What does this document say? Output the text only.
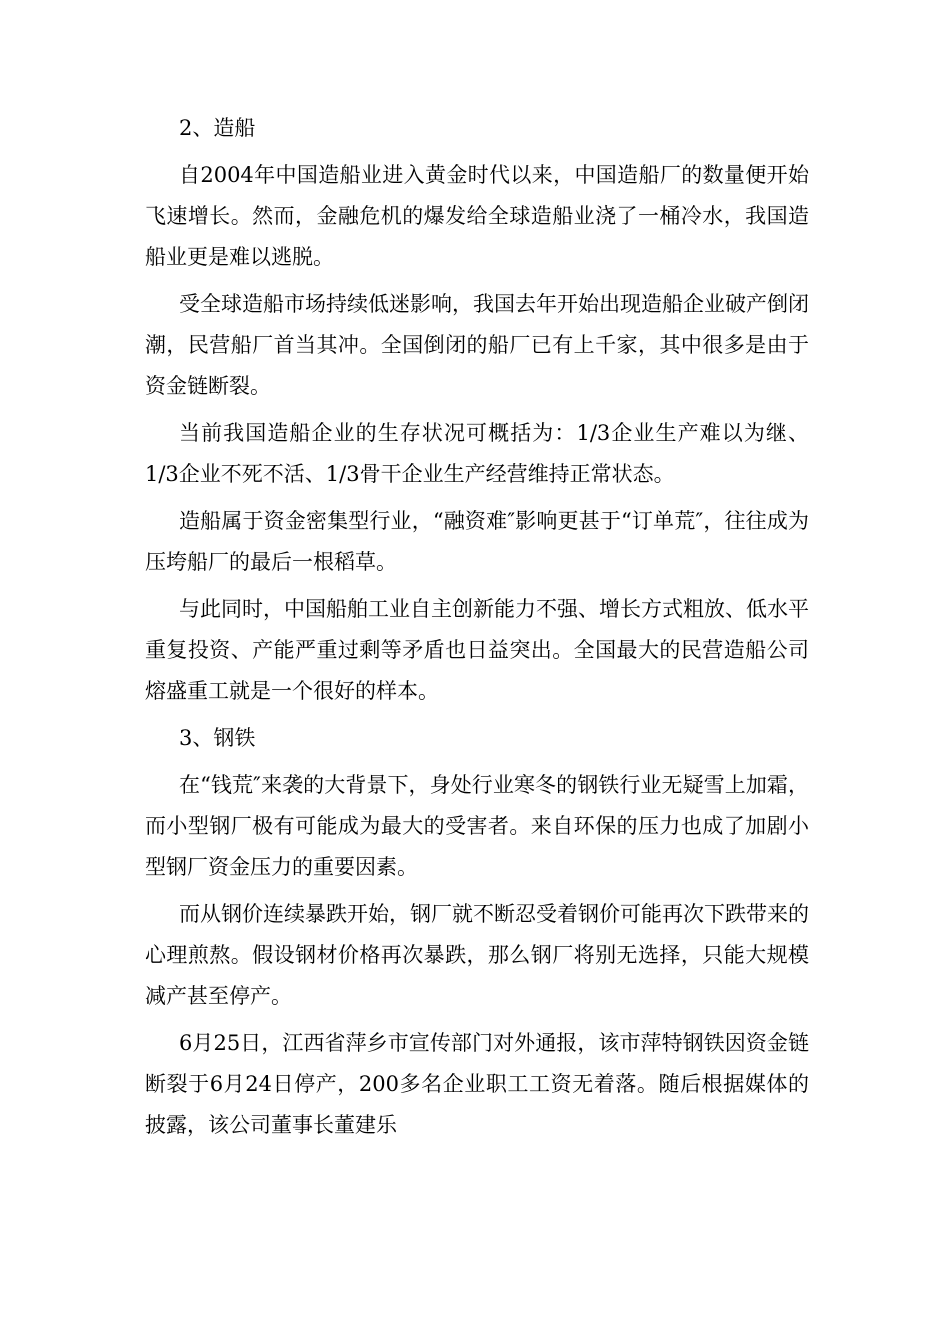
2、造船

自2004年中国造船业进入黄金时代以来，中国造船厂的数量便开始飞速增长。然而，金融危机的爆发给全球造船业浇了一桶冷水，我国造船业更是难以逃脱。

受全球造船市场持续低迷影响，我国去年开始出现造船企业破产倒闭潮，民营船厂首当其冲。全国倒闭的船厂已有上千家，其中很多是由于资金链断裂。

当前我国造船企业的生存状况可概括为：1/3企业生产难以为继、1/3企业不死不活、1/3骨干企业生产经营维持正常状态。

造船属于资金密集型行业，“融资难″影响更甚于“订单荒″，往往成为压垮船厂的最后一根稻草。

与此同时，中国船舶工业自主创新能力不强、增长方式粗放、低水平重复投资、产能严重过剩等矛盾也日益突出。全国最大的民营造船公司熔盛重工就是一个很好的样本。

3、钢铁

在“钱荒″来袭的大背景下，身处行业寒冬的钢铁行业无疑雪上加霜，而小型钢厂极有可能成为最大的受害者。来自环保的压力也成了加剧小型钢厂资金压力的重要因素。

而从钢价连续暴跌开始，钢厂就不断忍受着钢价可能再次下跌带来的心理煎熬。假设钢材价格再次暴跌，那么钢厂将别无选择，只能大规模减产甚至停产。

6月25日，江西省萍乡市宣传部门对外通报，该市萍特钢铁因资金链断裂于6月24日停产，200多名企业职工工资无着落。随后根据媒体的披露，该公司董事长董建乐
